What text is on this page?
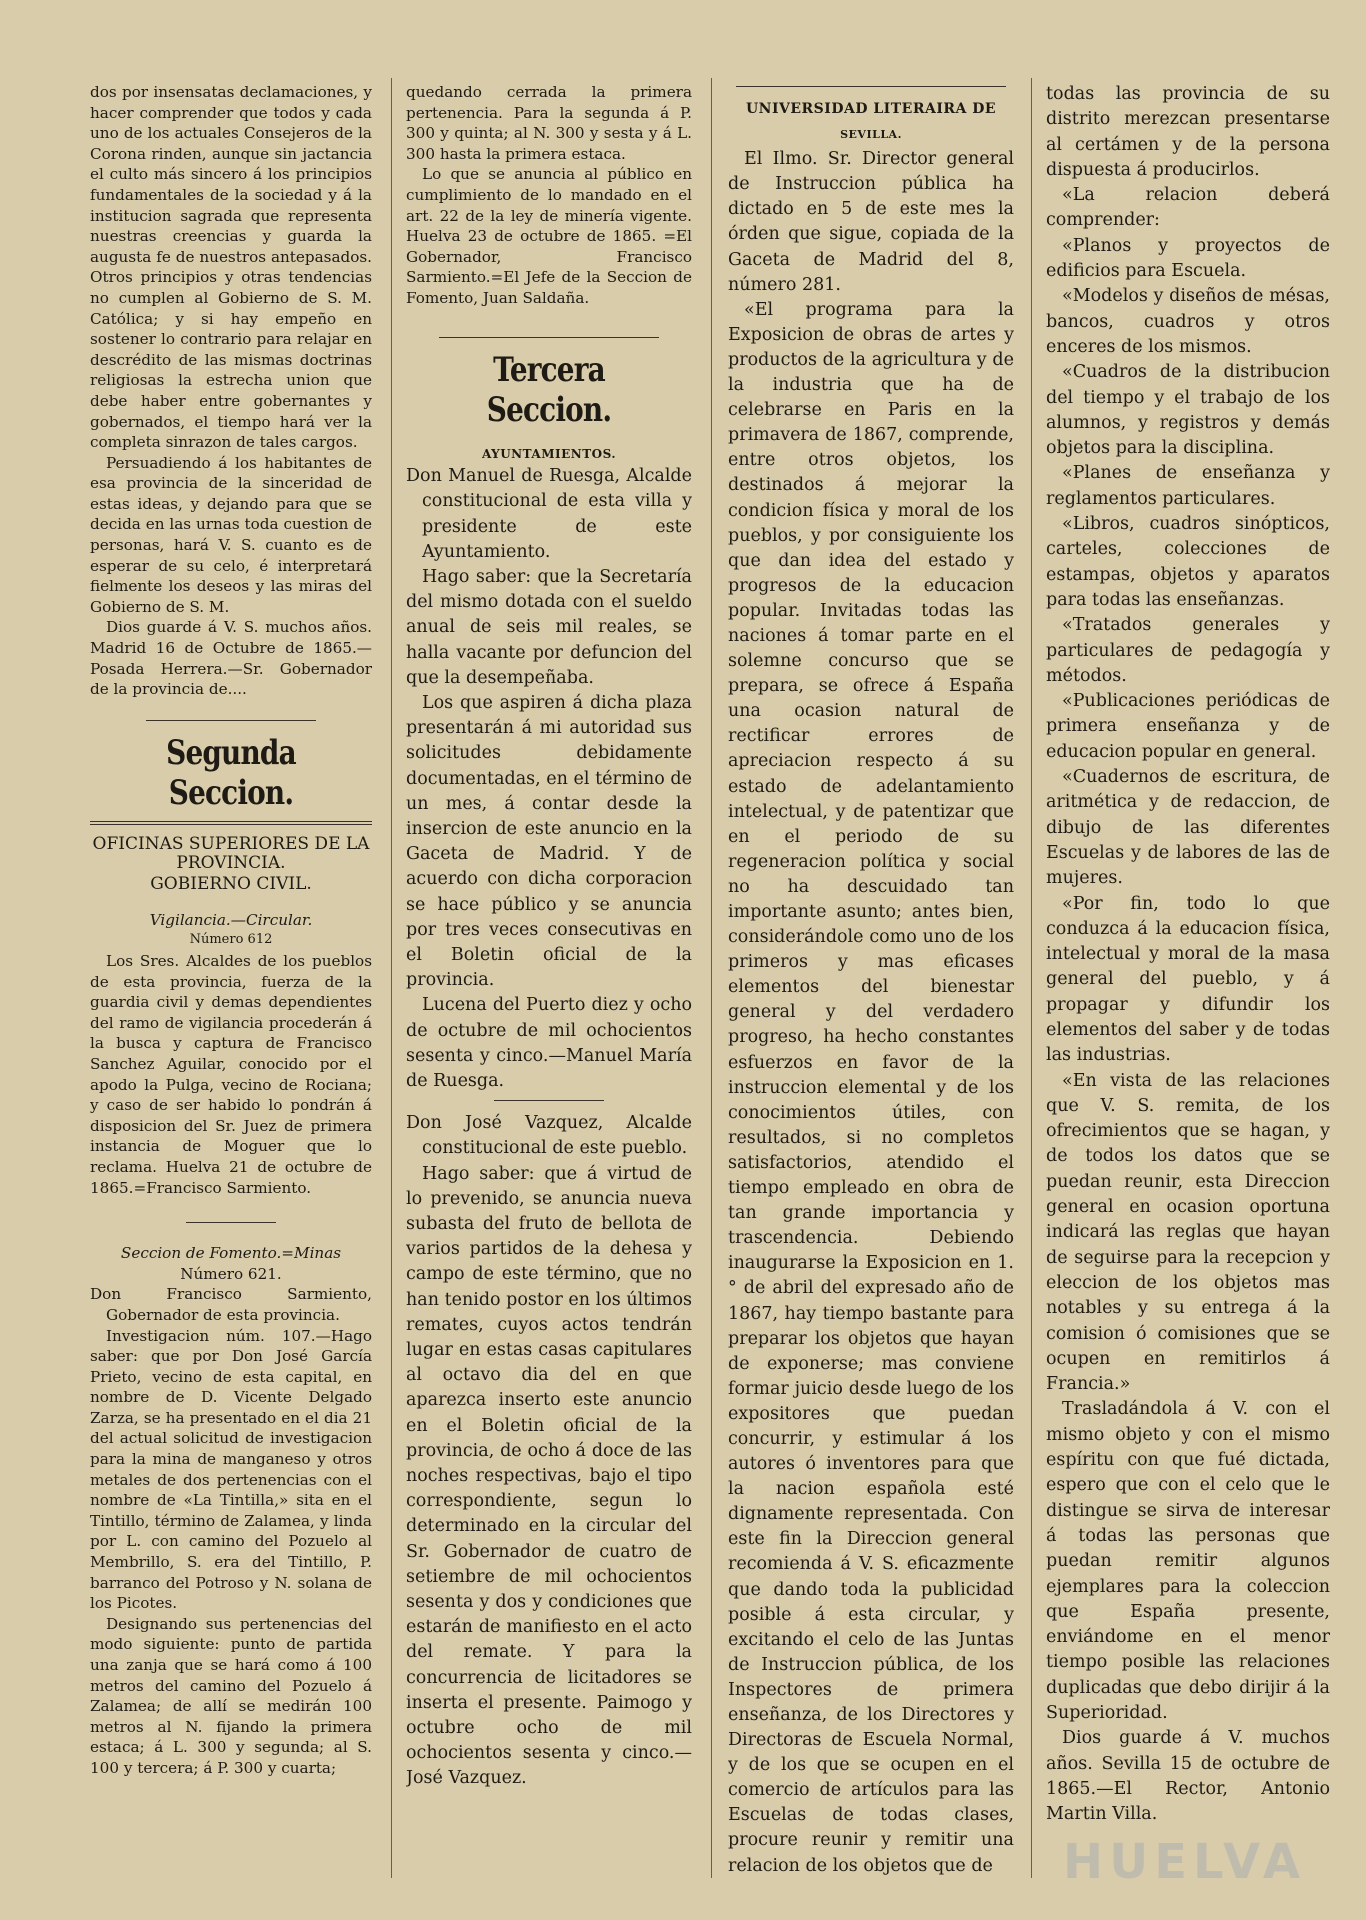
dos por insensatas declamaciones, y hacer comprender que todos y cada uno de los actuales Consejeros de la Corona rinden, aunque sin jactancia el culto más sincero á los principios fundamentales de la sociedad y á la institucion sagrada que representa nuestras creencias y guarda la augusta fe de nuestros antepasados. Otros principios y otras tendencias no cumplen al Gobierno de S. M. Católica; y si hay empeño en sostener lo contrario para relajar en descrédito de las mismas doctrinas religiosas la estrecha union que debe haber entre gobernantes y gobernados, el tiempo hará ver la completa sinrazon de tales cargos.

Persuadiendo á los habitantes de esa provincia de la sinceridad de estas ideas, y dejando para que se decida en las urnas toda cuestion de personas, hará V. S. cuanto es de esperar de su celo, é interpretará fielmente los deseos y las miras del Gobierno de S. M.

Dios guarde á V. S. muchos años. Madrid 16 de Octubre de 1865.—Posada Herrera.—Sr. Gobernador de la provincia de....

Segunda Seccion.
OFICINAS SUPERIORES DE LA PROVINCIA.
GOBIERNO CIVIL.
Vigilancia.—Circular.
Número 612

Los Sres. Alcaldes de los pueblos de esta provincia, fuerza de la guardia civil y demas dependientes del ramo de vigilancia procederán á la busca y captura de Francisco Sanchez Aguilar, conocido por el apodo la Pulga, vecino de Rociana; y caso de ser habido lo pondrán á disposicion del Sr. Juez de primera instancia de Moguer que lo reclama. Huelva 21 de octubre de 1865.=Francisco Sarmiento.

Seccion de Fomento.=Minas
Número 621.

Don Francisco Sarmiento, Gobernador de esta provincia.

Investigacion núm. 107.—Hago saber: que por Don José García Prieto, vecino de esta capital, en nombre de D. Vicente Delgado Zarza, se ha presentado en el dia 21 del actual solicitud de investigacion para la mina de manganeso y otros metales de dos pertenencias con el nombre de «La Tintilla,» sita en el Tintillo, término de Zalamea, y linda por L. con camino del Pozuelo al Membrillo, S. era del Tintillo, P. barranco del Potroso y N. solana de los Picotes.

Designando sus pertenencias del modo siguiente: punto de partida una zanja que se hará como á 100 metros del camino del Pozuelo á Zalamea; de allí se medirán 100 metros al N. fijando la primera estaca; á L. 300 y segunda; al S. 100 y tercera; á P. 300 y cuarta;

quedando cerrada la primera pertenencia. Para la segunda á P. 300 y quinta; al N. 300 y sesta y á L. 300 hasta la primera estaca.

Lo que se anuncia al público en cumplimiento de lo mandado en el art. 22 de la ley de minería vigente. Huelva 23 de octubre de 1865. =El Gobernador, Francisco Sarmiento.=El Jefe de la Seccion de Fomento, Juan Saldaña.

Tercera Seccion.
AYUNTAMIENTOS.

Don Manuel de Ruesga, Alcalde constitucional de esta villa y presidente de este Ayuntamiento.

Hago saber: que la Secretaría del mismo dotada con el sueldo anual de seis mil reales, se halla vacante por defuncion del que la desempeñaba.

Los que aspiren á dicha plaza presentarán á mi autoridad sus solicitudes debidamente documentadas, en el término de un mes, á contar desde la insercion de este anuncio en la Gaceta de Madrid. Y de acuerdo con dicha corporacion se hace público y se anuncia por tres veces consecutivas en el Boletin oficial de la provincia.

Lucena del Puerto diez y ocho de octubre de mil ochocientos sesenta y cinco.—Manuel María de Ruesga.

Don José Vazquez, Alcalde constitucional de este pueblo.

Hago saber: que á virtud de lo prevenido, se anuncia nueva subasta del fruto de bellota de varios partidos de la dehesa y campo de este término, que no han tenido postor en los últimos remates, cuyos actos tendrán lugar en estas casas capitulares al octavo dia del en que aparezca inserto este anuncio en el Boletin oficial de la provincia, de ocho á doce de las noches respectivas, bajo el tipo correspondiente, segun lo determinado en la circular del Sr. Gobernador de cuatro de setiembre de mil ochocientos sesenta y dos y condiciones que estarán de manifiesto en el acto del remate. Y para la concurrencia de licitadores se inserta el presente. Paimogo y octubre ocho de mil ochocientos sesenta y cinco.—José Vazquez.

UNIVERSIDAD LITERAIRA DE
SEVILLA.

El Ilmo. Sr. Director general de Instruccion pública ha dictado en 5 de este mes la órden que sigue, copiada de la Gaceta de Madrid del 8, número 281.

«El programa para la Exposicion de obras de artes y productos de la agricultura y de la industria que ha de celebrarse en Paris en la primavera de 1867, comprende, entre otros objetos, los destinados á mejorar la condicion física y moral de los pueblos, y por consiguiente los que dan idea del estado y progresos de la educacion popular. Invitadas todas las naciones á tomar parte en el solemne concurso que se prepara, se ofrece á España una ocasion natural de rectificar errores de apreciacion respecto á su estado de adelantamiento intelectual, y de patentizar que en el periodo de su regeneracion política y social no ha descuidado tan importante asunto; antes bien, considerándole como uno de los primeros y mas eficases elementos del bienestar general y del verdadero progreso, ha hecho constantes esfuerzos en favor de la instruccion elemental y de los conocimientos útiles, con resultados, si no completos satisfactorios, atendido el tiempo empleado en obra de tan grande importancia y trascendencia. Debiendo inaugurarse la Exposicion en 1.° de abril del expresado año de 1867, hay tiempo bastante para preparar los objetos que hayan de exponerse; mas conviene formar juicio desde luego de los expositores que puedan concurrir, y estimular á los autores ó inventores para que la nacion española esté dignamente representada. Con este fin la Direccion general recomienda á V. S. eficazmente que dando toda la publicidad posible á esta circular, y excitando el celo de las Juntas de Instruccion pública, de los Inspectores de primera enseñanza, de los Directores y Directoras de Escuela Normal, y de los que se ocupen en el comercio de artículos para las Escuelas de todas clases, procure reunir y remitir una relacion de los objetos que de

todas las provincia de su distrito merezcan presentarse al certámen y de la persona dispuesta á producirlos.

«La relacion deberá comprender:

«Planos y proyectos de edificios para Escuela.

«Modelos y diseños de mésas, bancos, cuadros y otros enceres de los mismos.

«Cuadros de la distribucion del tiempo y el trabajo de los alumnos, y registros y demás objetos para la disciplina.

«Planes de enseñanza y reglamentos particulares.

«Libros, cuadros sinópticos, carteles, colecciones de estampas, objetos y aparatos para todas las enseñanzas.

«Tratados generales y particulares de pedagogía y métodos.

«Publicaciones periódicas de primera enseñanza y de educacion popular en general.

«Cuadernos de escritura, de aritmética y de redaccion, de dibujo de las diferentes Escuelas y de labores de las de mujeres.

«Por fin, todo lo que conduzca á la educacion física, intelectual y moral de la masa general del pueblo, y á propagar y difundir los elementos del saber y de todas las industrias.

«En vista de las relaciones que V. S. remita, de los ofrecimientos que se hagan, y de todos los datos que se puedan reunir, esta Direccion general en ocasion oportuna indicará las reglas que hayan de seguirse para la recepcion y eleccion de los objetos mas notables y su entrega á la comision ó comisiones que se ocupen en remitirlos á Francia.»

Trasladándola á V. con el mismo objeto y con el mismo espíritu con que fué dictada, espero que con el celo que le distingue se sirva de interesar á todas las personas que puedan remitir algunos ejemplares para la coleccion que España presente, enviándome en el menor tiempo posible las relaciones duplicadas que debo dirijir á la Superioridad.

Dios guarde á V. muchos años. Sevilla 15 de octubre de 1865.—El Rector, Antonio Martin Villa.

HUELVA
